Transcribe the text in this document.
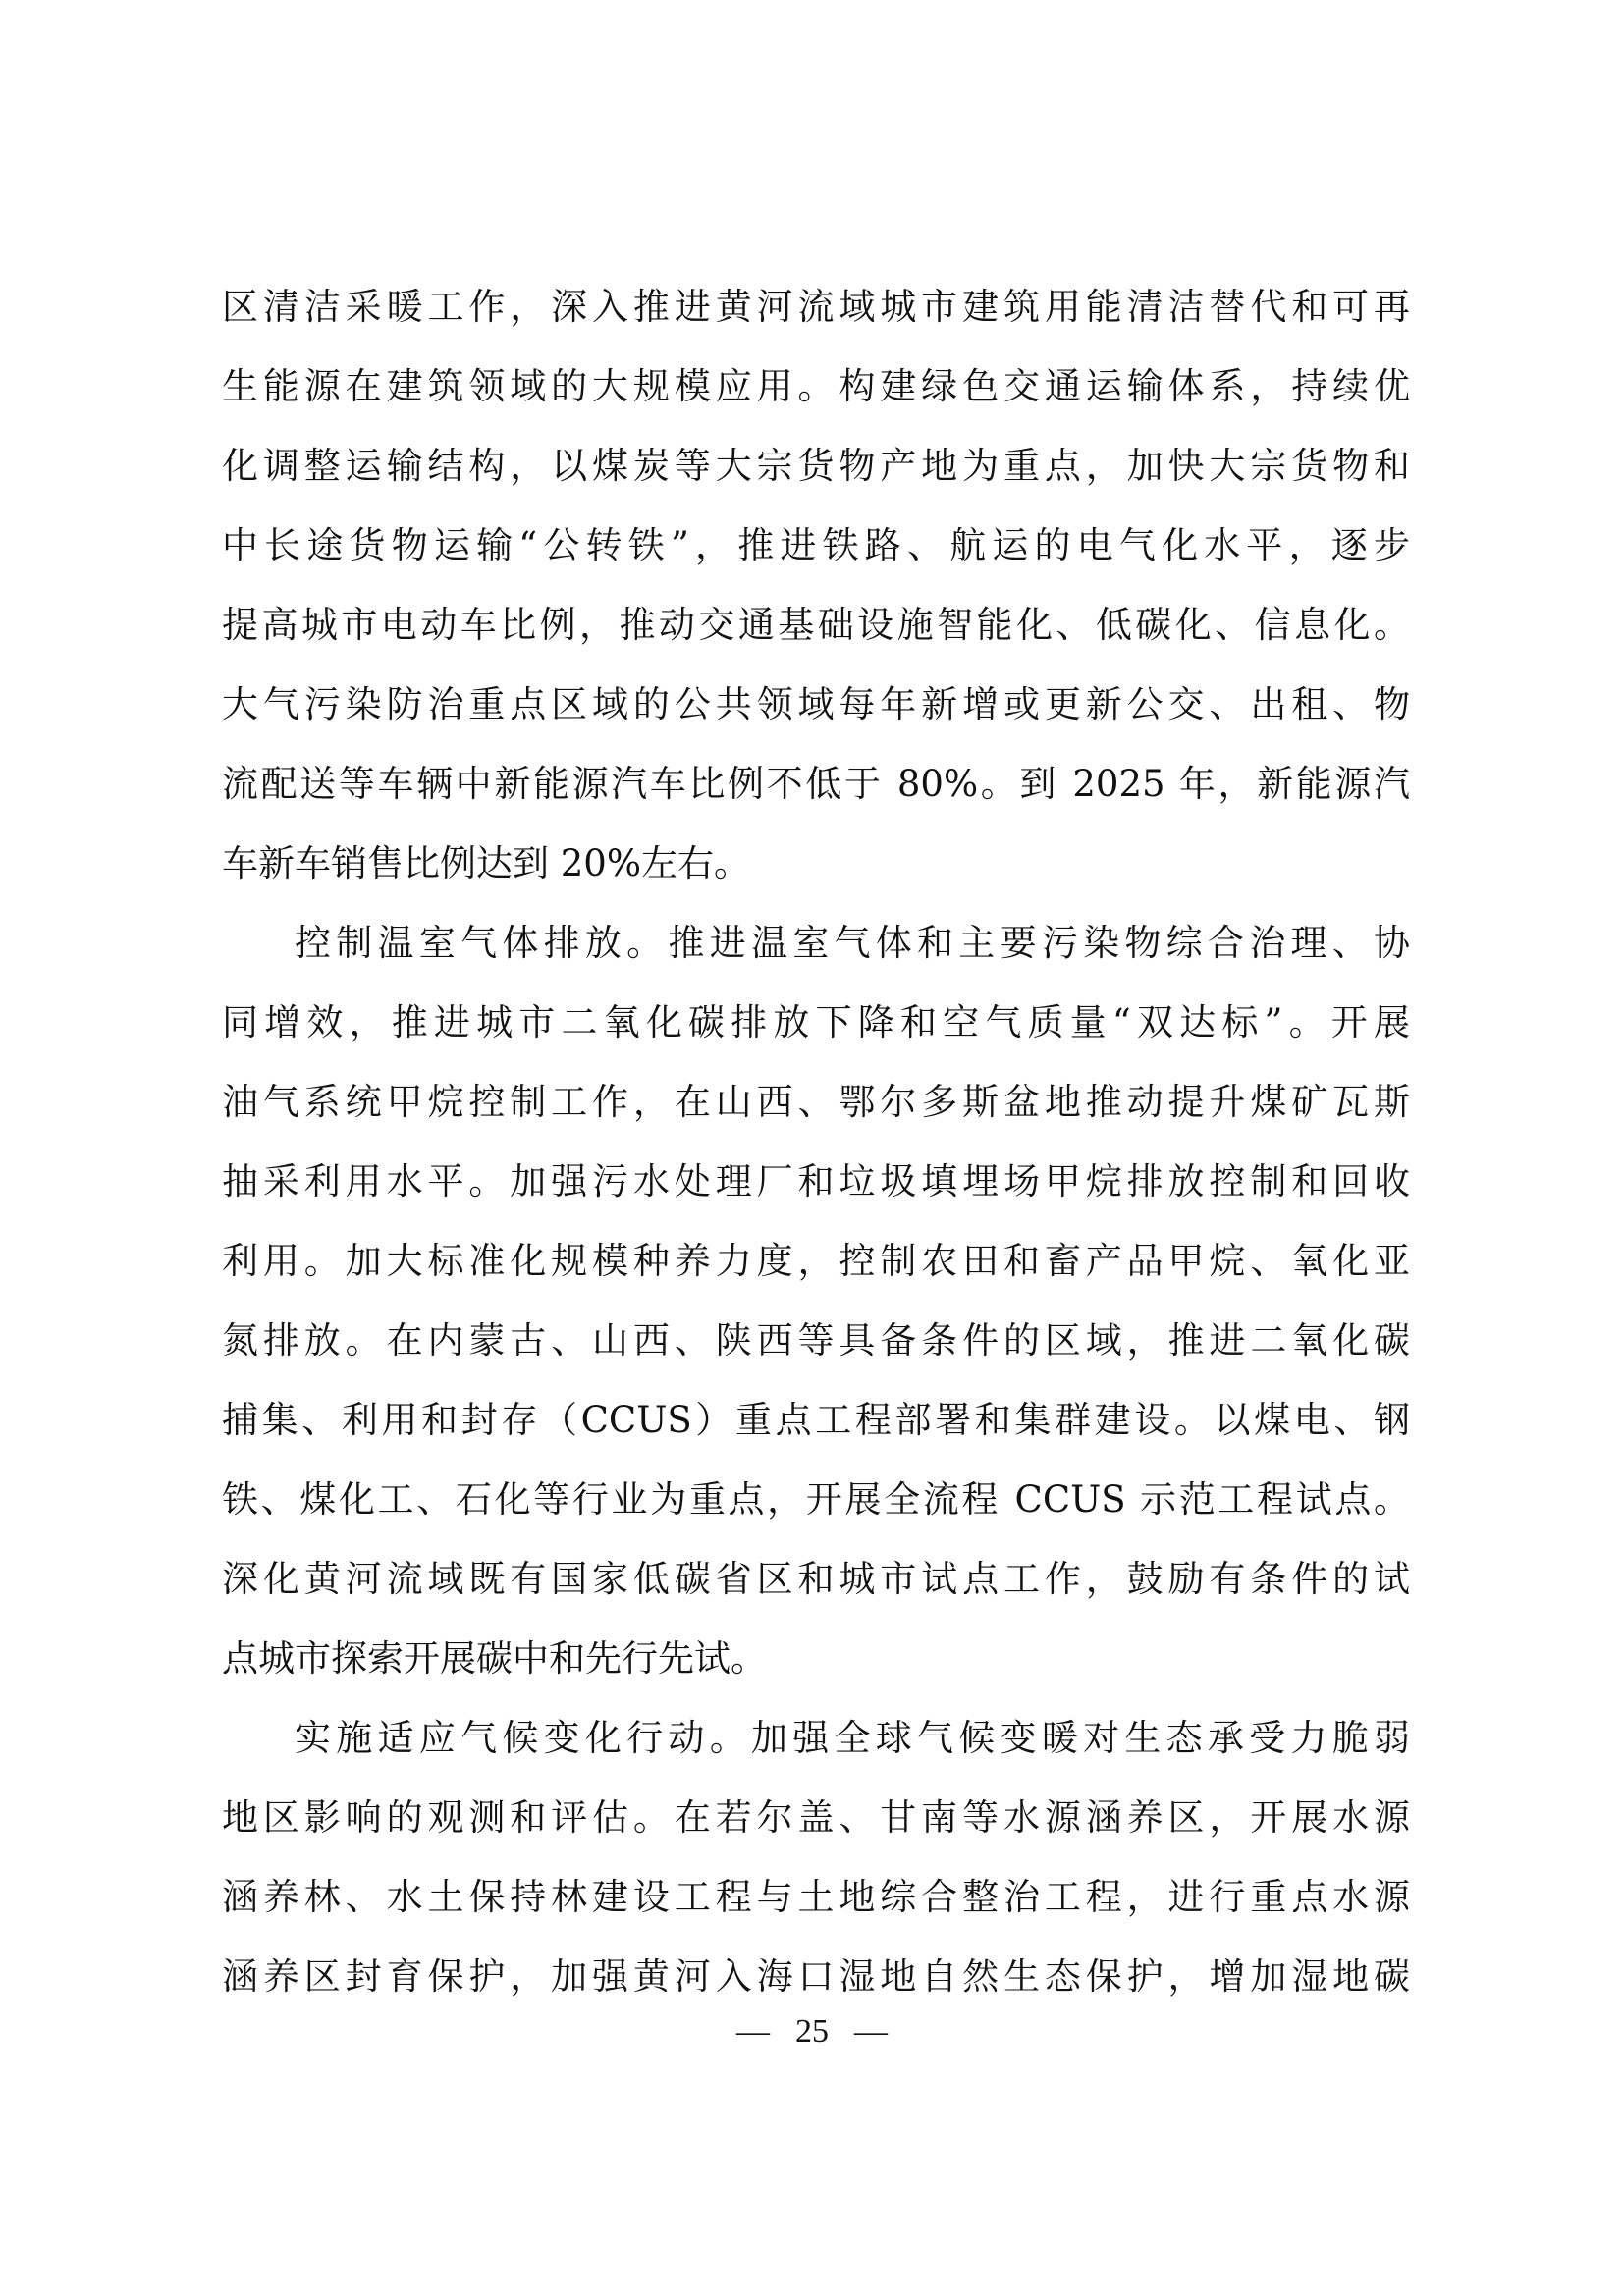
区清洁采暖工作，深入推进黄河流域城市建筑用能清洁替代和可再
生能源在建筑领域的大规模应用。构建绿色交通运输体系，持续优
化调整运输结构，以煤炭等大宗货物产地为重点，加快大宗货物和
中长途货物运输“公转铁”，推进铁路、航运的电气化水平，逐步
提高城市电动车比例，推动交通基础设施智能化、低碳化、信息化。
大气污染防治重点区域的公共领域每年新增或更新公交、出租、物
流配送等车辆中新能源汽车比例不低于 80%。到 2025 年，新能源汽
车新车销售比例达到 20%左右。
控制温室气体排放。推进温室气体和主要污染物综合治理、协
同增效，推进城市二氧化碳排放下降和空气质量“双达标”。开展
油气系统甲烷控制工作，在山西、鄂尔多斯盆地推动提升煤矿瓦斯
抽采利用水平。加强污水处理厂和垃圾填埋场甲烷排放控制和回收
利用。加大标准化规模种养力度，控制农田和畜产品甲烷、氧化亚
氮排放。在内蒙古、山西、陕西等具备条件的区域，推进二氧化碳
捕集、利用和封存（CCUS）重点工程部署和集群建设。以煤电、钢
铁、煤化工、石化等行业为重点，开展全流程 CCUS 示范工程试点。
深化黄河流域既有国家低碳省区和城市试点工作，鼓励有条件的试
点城市探索开展碳中和先行先试。
实施适应气候变化行动。加强全球气候变暖对生态承受力脆弱
地区影响的观测和评估。在若尔盖、甘南等水源涵养区，开展水源
涵养林、水土保持林建设工程与土地综合整治工程，进行重点水源
涵养区封育保护，加强黄河入海口湿地自然生态保护，增加湿地碳
— 25 —
